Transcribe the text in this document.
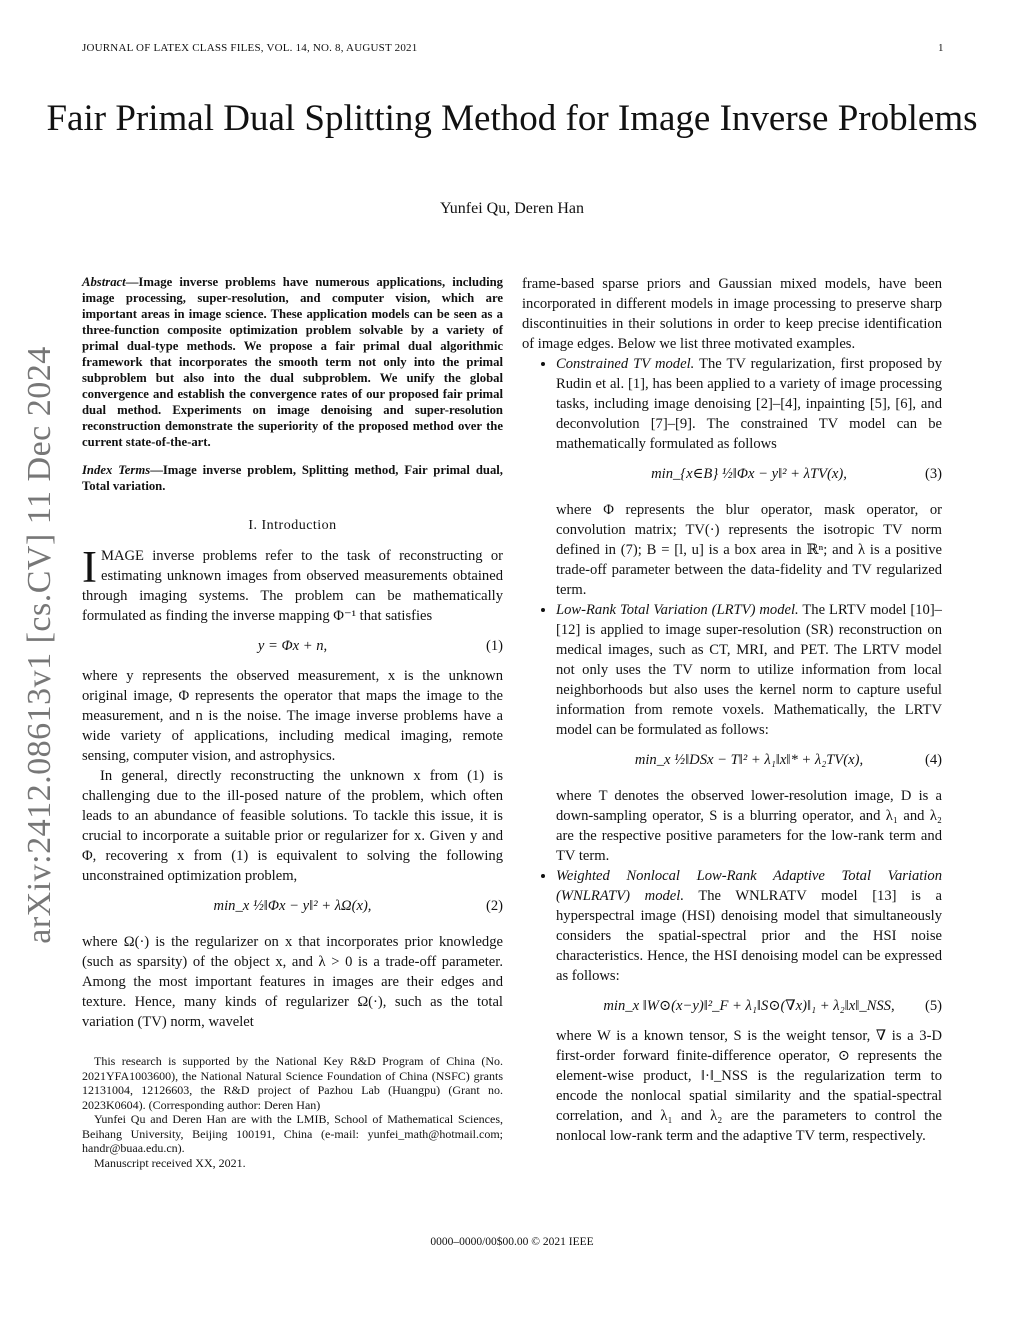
JOURNAL OF LATEX CLASS FILES, VOL. 14, NO. 8, AUGUST 2021	1
Fair Primal Dual Splitting Method for Image Inverse Problems
Yunfei Qu, Deren Han
arXiv:2412.08613v1 [cs.CV] 11 Dec 2024

Abstract—Image inverse problems have numerous applications, including image processing, super-resolution, and computer vision, which are important areas in image science. These application models can be seen as a three-function composite optimization problem solvable by a variety of primal dual-type methods. We propose a fair primal dual algorithmic framework that incorporates the smooth term not only into the primal subproblem but also into the dual subproblem. We unify the global convergence and establish the convergence rates of our proposed fair primal dual method. Experiments on image denoising and super-resolution reconstruction demonstrate the superiority of the proposed method over the current state-of-the-art.

Index Terms—Image inverse problem, Splitting method, Fair primal dual, Total variation.

I. Introduction

IMAGE inverse problems refer to the task of reconstructing or estimating unknown images from observed measurements obtained through imaging systems. The problem can be mathematically formulated as finding the inverse mapping Φ⁻¹ that satisfies

y = Φx + n,	(1)

where y represents the observed measurement, x is the unknown original image, Φ represents the operator that maps the image to the measurement, and n is the noise. The image inverse problems have a wide variety of applications, including medical imaging, remote sensing, computer vision, and astrophysics.

In general, directly reconstructing the unknown x from (1) is challenging due to the ill-posed nature of the problem, which often leads to an abundance of feasible solutions. To tackle this issue, it is crucial to incorporate a suitable prior or regularizer for x. Given y and Φ, recovering x from (1) is equivalent to solving the following unconstrained optimization problem,

min_x ½‖Φx − y‖² + λΩ(x),	(2)

where Ω(·) is the regularizer on x that incorporates prior knowledge (such as sparsity) of the object x, and λ > 0 is a trade-off parameter. Among the most important features in images are their edges and texture. Hence, many kinds of regularizer Ω(·), such as the total variation (TV) norm, wavelet

This research is supported by the National Key R&D Program of China (No. 2021YFA1003600), the National Natural Science Foundation of China (NSFC) grants 12131004, 12126603, the R&D project of Pazhou Lab (Huangpu) (Grant no. 2023K0604). (Corresponding author: Deren Han)

Yunfei Qu and Deren Han are with the LMIB, School of Mathematical Sciences, Beihang University, Beijing 100191, China (e-mail: yunfei_math@hotmail.com; handr@buaa.edu.cn).

Manuscript received XX, 2021.

frame-based sparse priors and Gaussian mixed models, have been incorporated in different models in image processing to preserve sharp discontinuities in their solutions in order to keep precise identification of image edges. Below we list three motivated examples.

• Constrained TV model. The TV regularization, first proposed by Rudin et al. [1], has been applied to a variety of image processing tasks, including image denoising [2]–[4], inpainting [5], [6], and deconvolution [7]–[9]. The constrained TV model can be mathematically formulated as follows
min_{x∈B} ½‖Φx − y‖² + λTV(x),	(3)

where Φ represents the blur operator, mask operator, or convolution matrix; TV(·) represents the isotropic TV norm defined in (7); B = [l, u] is a box area in ℝⁿ; and λ is a positive trade-off parameter between the data-fidelity and TV regularized term.

• Low-Rank Total Variation (LRTV) model. The LRTV model [10]–[12] is applied to image super-resolution (SR) reconstruction on medical images, such as CT, MRI, and PET. The LRTV model not only uses the TV norm to utilize information from local neighborhoods but also uses the kernel norm to capture useful information from remote voxels. Mathematically, the LRTV model can be formulated as follows:
min_x ½‖DSx − T‖² + λ₁‖x‖* + λ₂TV(x),	(4)

where T denotes the observed lower-resolution image, D is a down-sampling operator, S is a blurring operator, and λ₁ and λ₂ are the respective positive parameters for the low-rank term and TV term.

• Weighted Nonlocal Low-Rank Adaptive Total Variation (WNLRATV) model. The WNLRATV model [13] is a hyperspectral image (HSI) denoising model that simultaneously considers the spatial-spectral prior and the HSI noise characteristics. Hence, the HSI denoising model can be expressed as follows:
min_x ‖W⊙(x−y)‖²_F + λ₁‖S⊙(∇x)‖₁ + λ₂‖x‖_NSS, (5)

where W is a known tensor, S is the weight tensor, ∇ is a 3-D first-order forward finite-difference operator, ⊙ represents the element-wise product, ‖·‖_NSS is the regularization term to encode the nonlocal spatial similarity and the spatial-spectral correlation, and λ₁ and λ₂ are the parameters to control the nonlocal low-rank term and the adaptive TV term, respectively.

0000–0000/00$00.00 © 2021 IEEE
